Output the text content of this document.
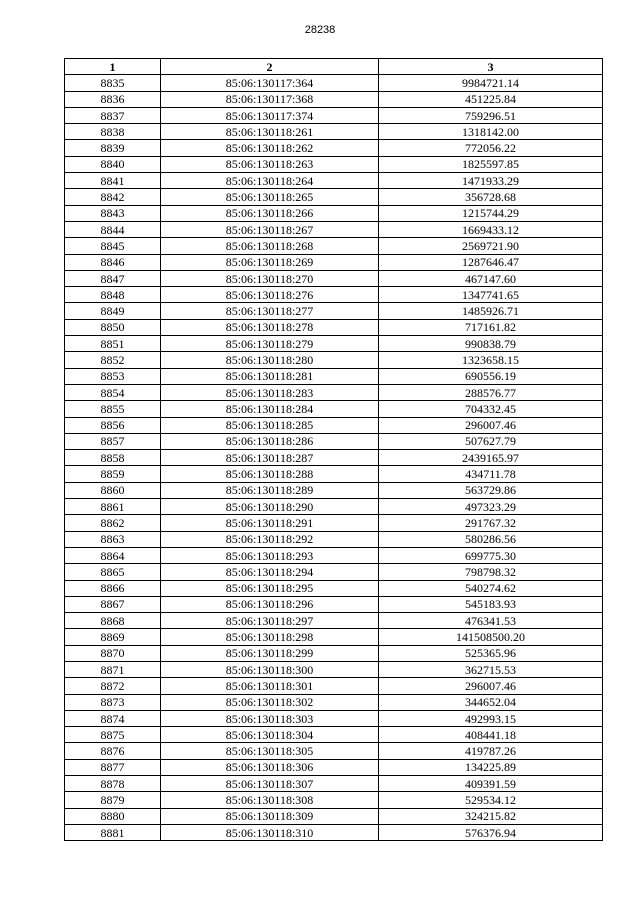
28238
1	2	3
8835	85:06:130117:364	9984721.14
8836	85:06:130117:368	451225.84
8837	85:06:130117:374	759296.51
8838	85:06:130118:261	1318142.00
8839	85:06:130118:262	772056.22
8840	85:06:130118:263	1825597.85
8841	85:06:130118:264	1471933.29
8842	85:06:130118:265	356728.68
8843	85:06:130118:266	1215744.29
8844	85:06:130118:267	1669433.12
8845	85:06:130118:268	2569721.90
8846	85:06:130118:269	1287646.47
8847	85:06:130118:270	467147.60
8848	85:06:130118:276	1347741.65
8849	85:06:130118:277	1485926.71
8850	85:06:130118:278	717161.82
8851	85:06:130118:279	990838.79
8852	85:06:130118:280	1323658.15
8853	85:06:130118:281	690556.19
8854	85:06:130118:283	288576.77
8855	85:06:130118:284	704332.45
8856	85:06:130118:285	296007.46
8857	85:06:130118:286	507627.79
8858	85:06:130118:287	2439165.97
8859	85:06:130118:288	434711.78
8860	85:06:130118:289	563729.86
8861	85:06:130118:290	497323.29
8862	85:06:130118:291	291767.32
8863	85:06:130118:292	580286.56
8864	85:06:130118:293	699775.30
8865	85:06:130118:294	798798.32
8866	85:06:130118:295	540274.62
8867	85:06:130118:296	545183.93
8868	85:06:130118:297	476341.53
8869	85:06:130118:298	141508500.20
8870	85:06:130118:299	525365.96
8871	85:06:130118:300	362715.53
8872	85:06:130118:301	296007.46
8873	85:06:130118:302	344652.04
8874	85:06:130118:303	492993.15
8875	85:06:130118:304	408441.18
8876	85:06:130118:305	419787.26
8877	85:06:130118:306	134225.89
8878	85:06:130118:307	409391.59
8879	85:06:130118:308	529534.12
8880	85:06:130118:309	324215.82
8881	85:06:130118:310	576376.94
